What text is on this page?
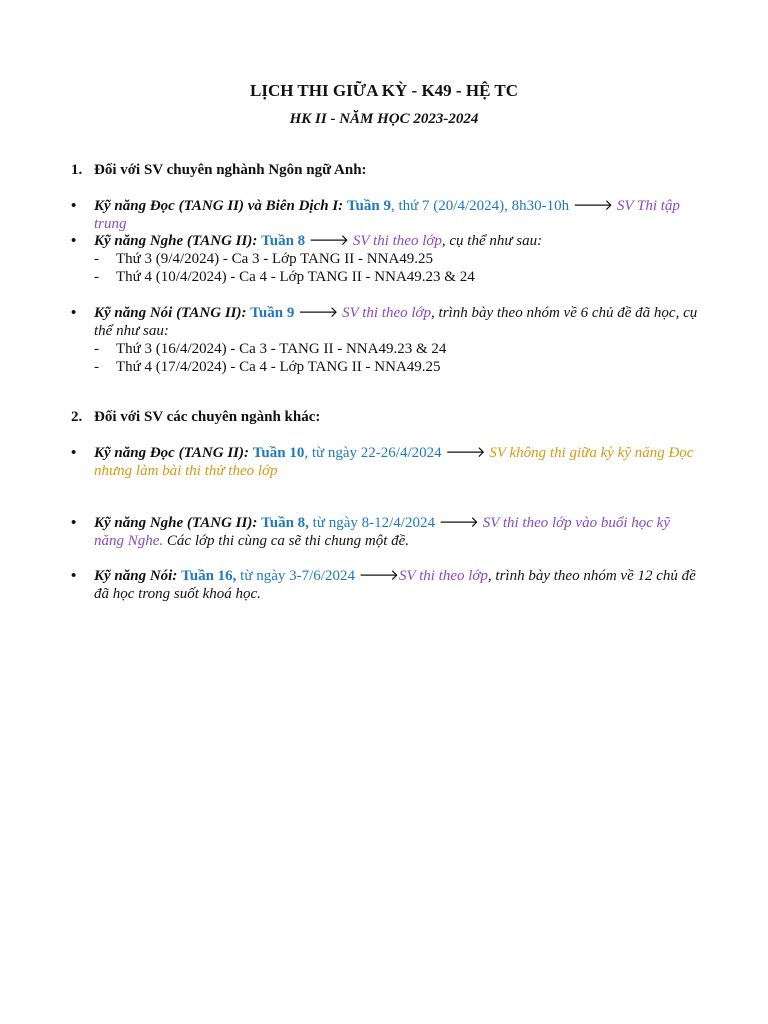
LỊCH THI GIỮA KỲ - K49 - HỆ TC
HK II - NĂM HỌC 2023-2024
1. Đối với SV chuyên nghành Ngôn ngữ Anh:
•	Kỹ năng Đọc (TANG II) và Biên Dịch I: Tuần 9, thứ 7 (20/4/2024), 8h30-10h 🡒 SV Thi tập trung
•	Kỹ năng Nghe (TANG II): Tuần 8 🡒 SV thi theo lớp, cụ thể như sau:
-	Thứ 3 (9/4/2024) - Ca 3 - Lớp TANG II - NNA49.25
-	Thứ 4 (10/4/2024) - Ca 4 - Lớp TANG II - NNA49.23 & 24
•	Kỹ năng Nói (TANG II): Tuần 9 🡒 SV thi theo lớp, trình bày theo nhóm về 6 chủ đề đã học, cụ thể như sau:
-	Thứ 3 (16/4/2024) - Ca 3 - TANG II - NNA49.23 & 24
-	Thứ 4 (17/4/2024) - Ca 4 - Lớp TANG II - NNA49.25
2. Đối với SV các chuyên ngành khác:
•	Kỹ năng Đọc (TANG II): Tuần 10, từ ngày 22-26/4/2024 🡒 SV không thi giữa kỳ kỹ năng Đọc nhưng làm bài thi thử theo lớp
•	Kỹ năng Nghe (TANG II): Tuần 8, từ ngày 8-12/4/2024 🡒 SV thi theo lớp vào buổi học kỹ năng Nghe. Các lớp thi cùng ca sẽ thi chung một đề.
•	Kỹ năng Nói: Tuần 16, từ ngày 3-7/6/2024 🡒SV thi theo lớp, trình bày theo nhóm về 12 chủ đề đã học trong suốt khoá học.
